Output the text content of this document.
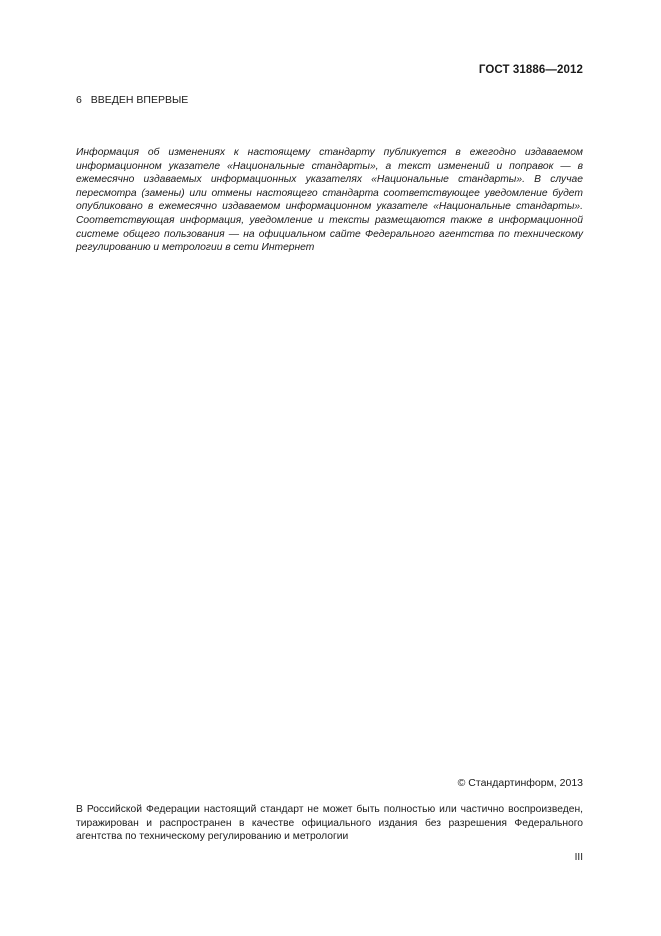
ГОСТ 31886—2012
6 ВВЕДЕН ВПЕРВЫЕ

Информация об изменениях к настоящему стандарту публикуется в ежегодно издаваемом информационном указателе «Национальные стандарты», а текст изменений и поправок — в ежемесячно издаваемых информационных указателях «Национальные стандарты». В случае пересмотра (замены) или отмены настоящего стандарта соответствующее уведомление будет опубликовано в ежемесячно издаваемом информационном указателе «Национальные стандарты». Соответствующая информация, уведомление и тексты размещаются также в информационной системе общего пользования — на официальном сайте Федерального агентства по техническому регулированию и метрологии в сети Интернет

© Стандартинформ, 2013

В Российской Федерации настоящий стандарт не может быть полностью или частично воспроизведен, тиражирован и распространен в качестве официального издания без разрешения Федерального агентства по техническому регулированию и метрологии

III
